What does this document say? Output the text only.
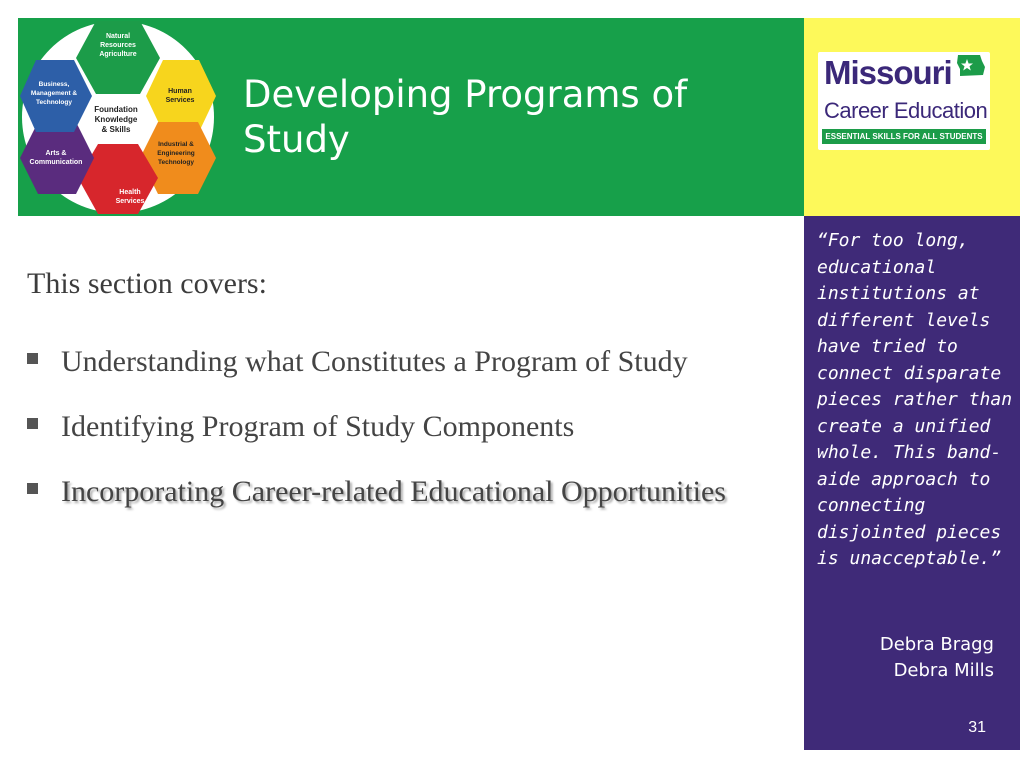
Natural
Resources
Agriculture
Human
Services
Industrial &
Engineering
Technology
Health
Services
Arts &
Communication
Business,
Management &
Technology
Foundation
Knowledge
& Skills
Developing Programs of Study
Missouri
Career Education
ESSENTIAL SKILLS FOR ALL STUDENTS

“For too long, educational institutions at different levels have tried to connect disparate pieces rather than create a unified whole. This band-aide approach to connecting disjointed pieces is unacceptable.”

Debra Bragg
Debra Mills
31
This section covers:
Understanding what Constitutes a Program of Study
Identifying Program of Study Components
Incorporating Career-related Educational Opportunities
